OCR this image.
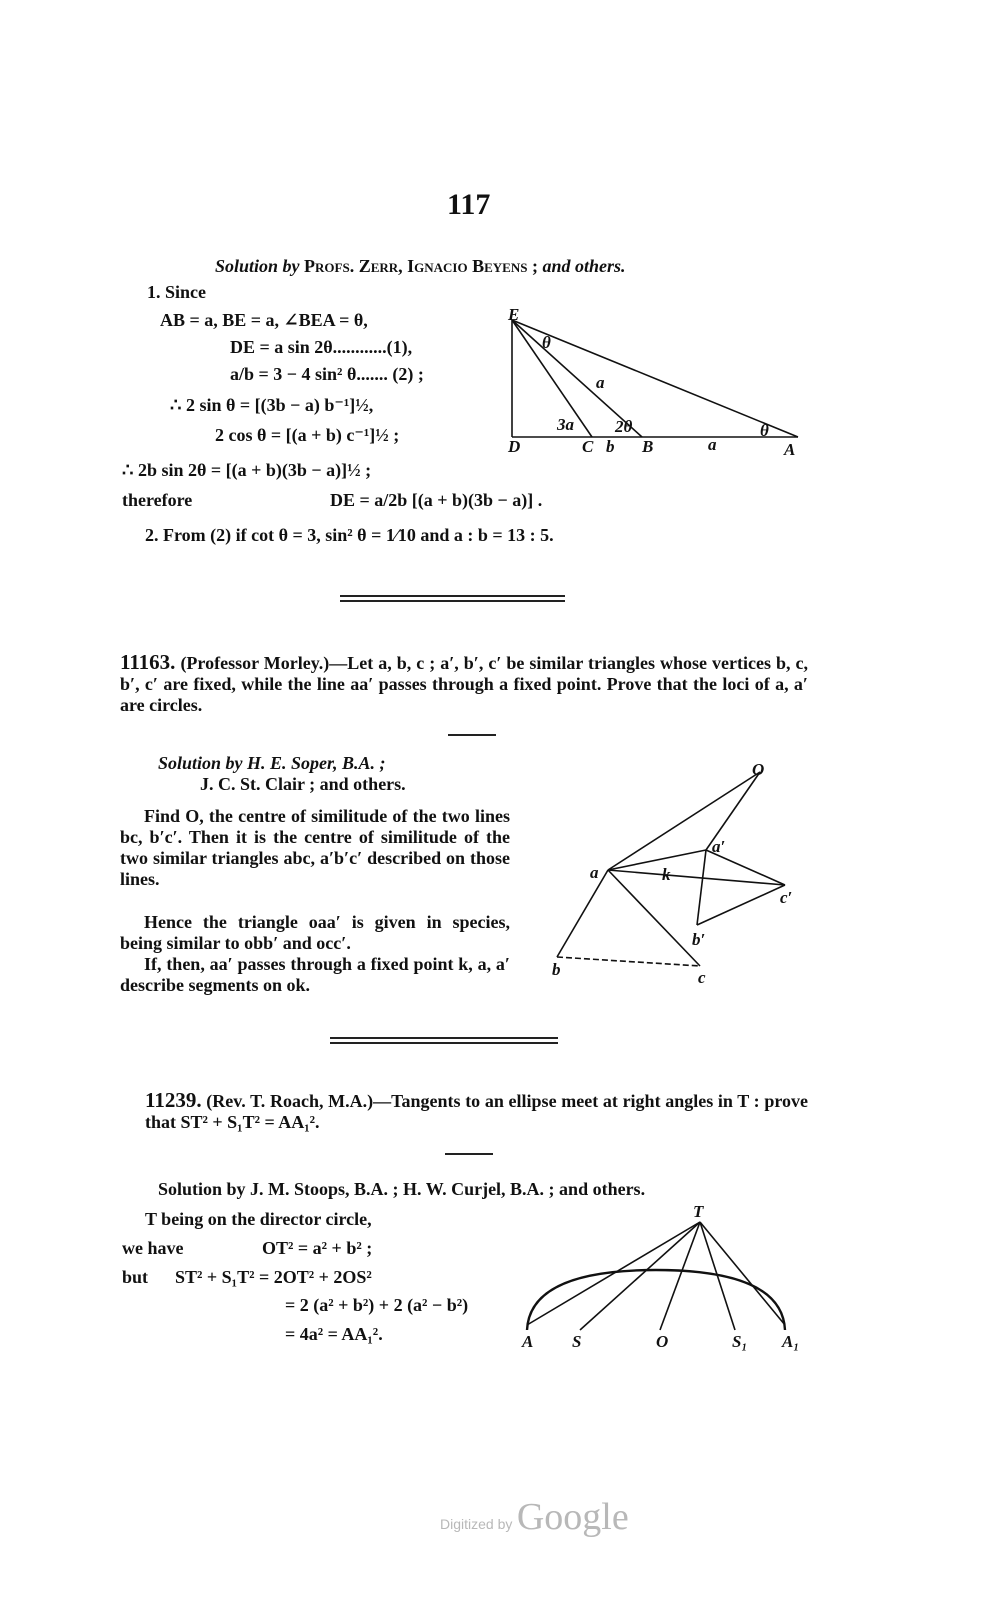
117
Solution by Profs. Zerr, Ignacio Beyens ; and others.
1. Since
AB = a, BE = a, ∠BEA = θ,
DE = a sin 2θ............(1),
a/b = 3 − 4 sin² θ....... (2) ;
∴ 2 sin θ = [(3b − a) b⁻¹]½,
2 cos θ = [(a + b) c⁻¹]½ ;
∴ 2b sin 2θ = [(a + b)(3b − a)]½ ;
therefore	DE = a/2b [(a + b)(3b − a)] .
2. From (2) if cot θ = 3, sin² θ = 1⁄10 and a : b = 13 : 5.
E
θ
a
3a 2θ
D	C b B	a
θ
A
O
a	k
a′
c′
b′
b	c
T
A S	O	S₁ A₁
11163. (Professor Morley.)—Let a, b, c ; a′, b′, c′ be similar triangles whose vertices b, c, b′, c′ are fixed, while the line aa′ passes through a fixed point. Prove that the loci of a, a′ are circles.
Solution by H. E. Soper, B.A. ;
J. C. St. Clair ; and others.
Find O, the centre of similitude of the two lines bc, b′c′. Then it is the centre of similitude of the two similar triangles abc, a′b′c′ described on those lines.
Hence the triangle oaa′ is given in species, being similar to obb′ and occ′.
If, then, aa′ passes through a fixed point k, a, a′ describe segments on ok.
11239. (Rev. T. Roach, M.A.)—Tangents to an ellipse meet at right angles in T : prove that ST² + S₁T² = AA₁².
Solution by J. M. Stoops, B.A. ; H. W. Curjel, B.A. ; and others.
T being on the director circle,
we have	OT² = a² + b² ;
but ST² + S₁T² = 2OT² + 2OS²
= 2 (a² + b²) + 2 (a² − b²)
= 4a² = AA₁².
Digitized by Google
